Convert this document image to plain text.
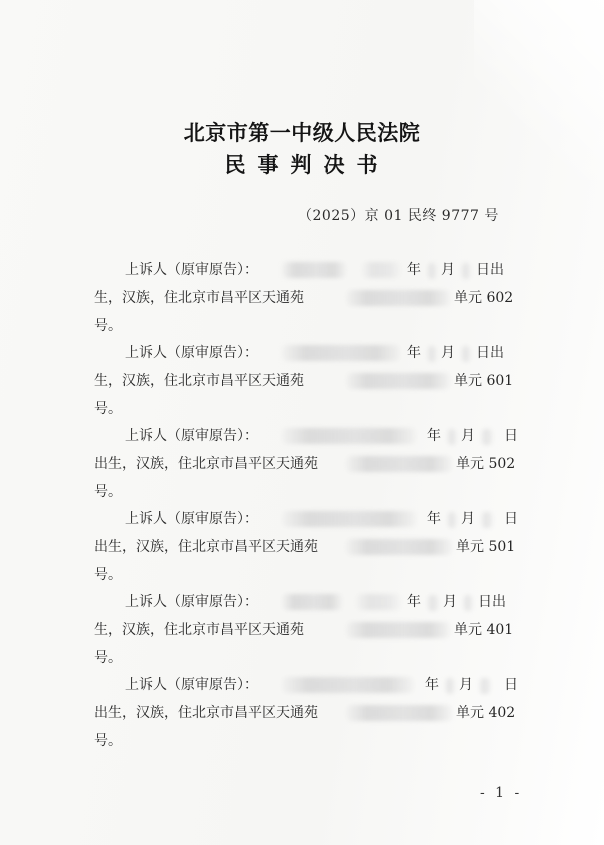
北京市第一中级人民法院
民事判决书
（2025）京 01 民终 9777 号
上诉人（原审原告）：	年 月 日出
生，汉族，住北京市昌平区天通苑	单元 602
号。
上诉人（原审原告）：	年 月 日出
生，汉族，住北京市昌平区天通苑	单元 601
号。
上诉人（原审原告）：	年 月 日
出生，汉族，住北京市昌平区天通苑	单元 502
号。
上诉人（原审原告）：	年 月 日
出生，汉族，住北京市昌平区天通苑	单元 501
号。
上诉人（原审原告）：	年 月 日出
生，汉族，住北京市昌平区天通苑	单元 401
号。
上诉人（原审原告）：	年 月 日
出生，汉族，住北京市昌平区天通苑	单元 402
号。
- 1 -
